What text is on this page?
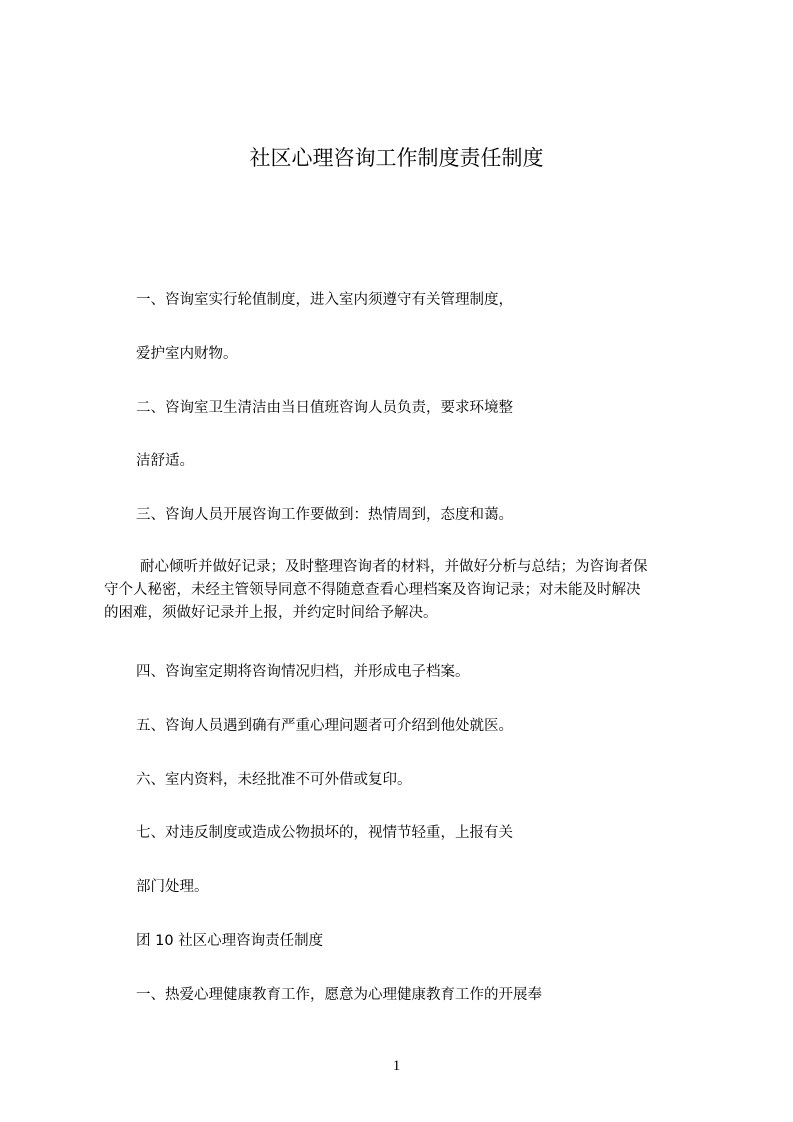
社区心理咨询工作制度责任制度

一、咨询室实行轮值制度，进入室内须遵守有关管理制度，

爱护室内财物。

二、咨询室卫生清洁由当日值班咨询人员负责，要求环境整

洁舒适。

三、咨询人员开展咨询工作要做到：热情周到，态度和蔼。

耐心倾听并做好记录；及时整理咨询者的材料，并做好分析与总结；为咨询者保
守个人秘密，未经主管领导同意不得随意查看心理档案及咨询记录；对未能及时解决
的困难，须做好记录并上报，并约定时间给予解决。

四、咨询室定期将咨询情况归档，并形成电子档案。

五、咨询人员遇到确有严重心理问题者可介绍到他处就医。

六、室内资料，未经批准不可外借或复印。

七、对违反制度或造成公物损坏的，视情节轻重，上报有关

部门处理。

团 10 社区心理咨询责任制度

一、热爱心理健康教育工作，愿意为心理健康教育工作的开展奉

1
